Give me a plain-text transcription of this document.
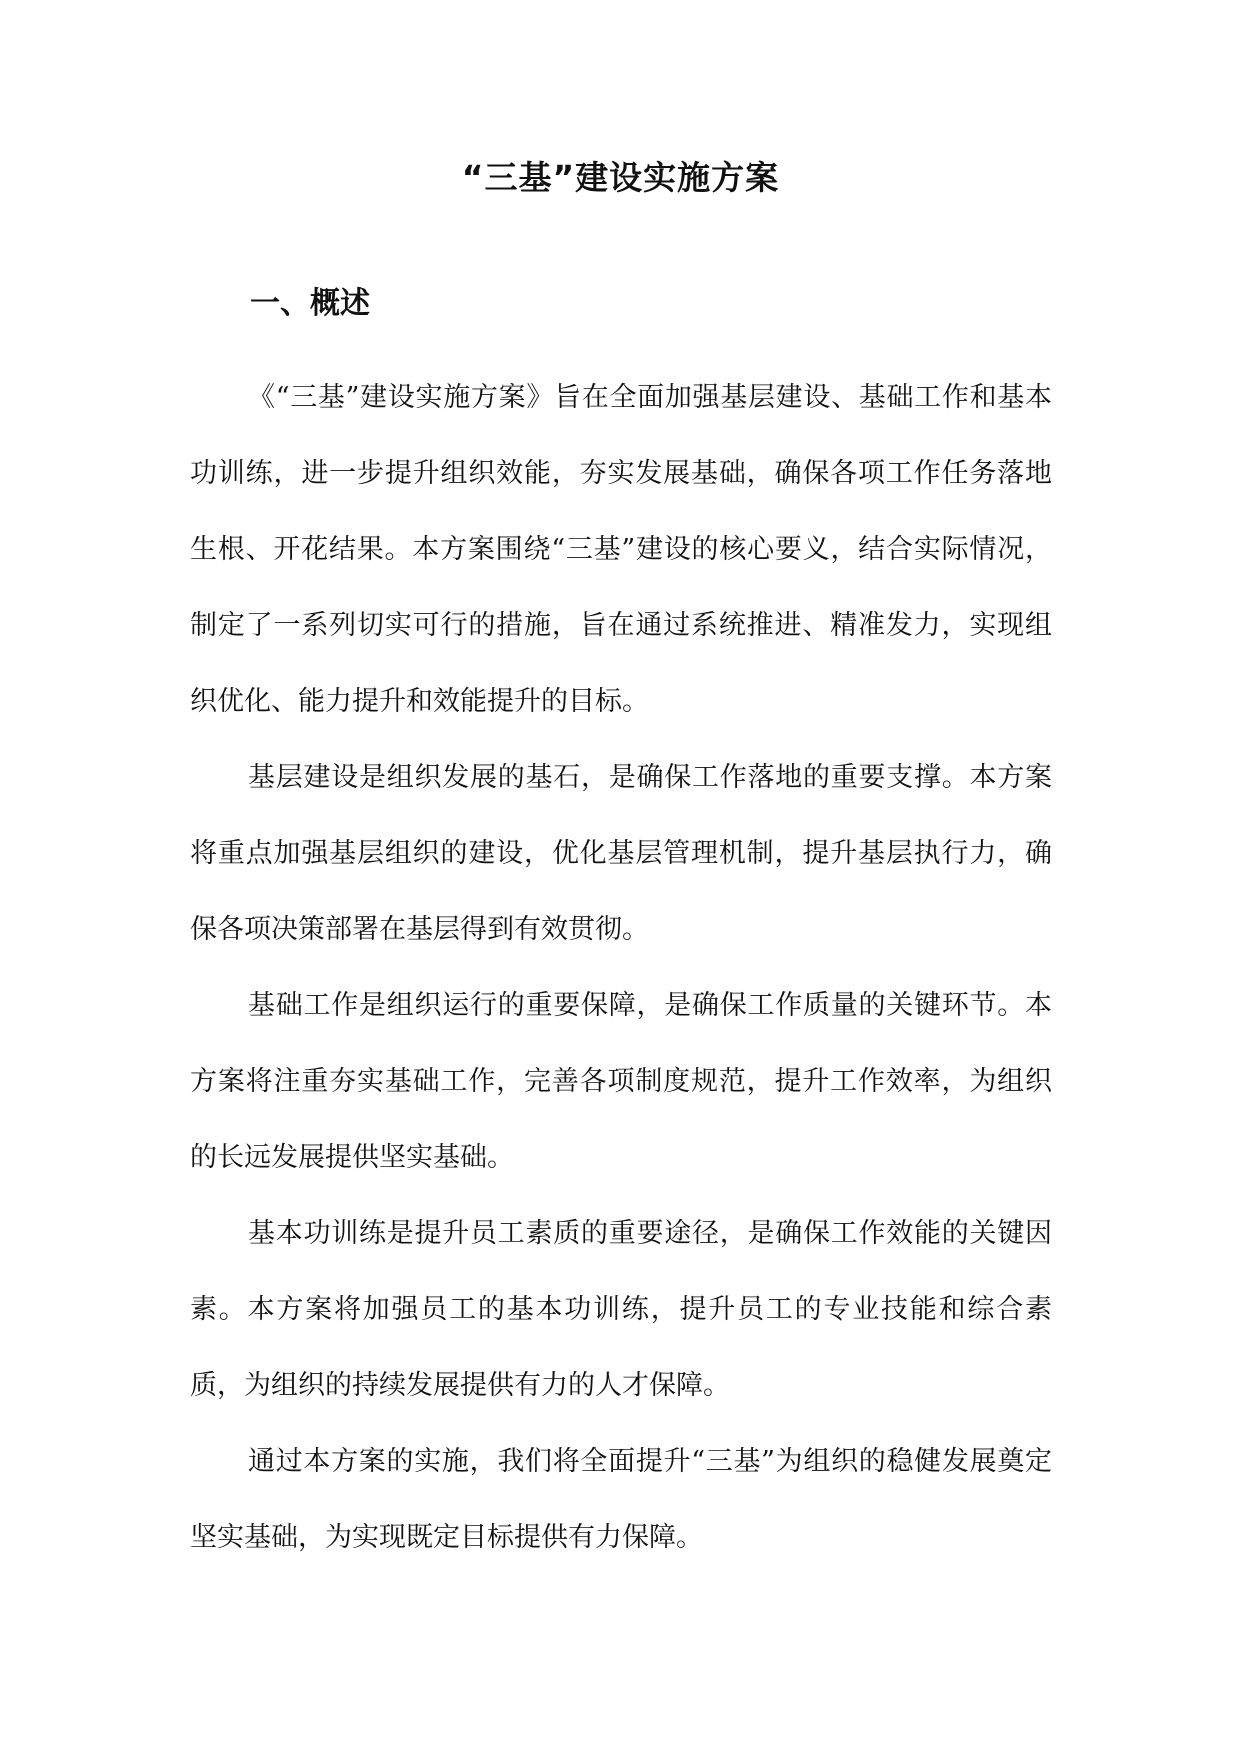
“三基”建设实施方案
一、概述

《“三基”建设实施方案》旨在全面加强基层建设、基础工作和基本功训练，进一步提升组织效能，夯实发展基础，确保各项工作任务落地生根、开花结果。本方案围绕“三基”建设的核心要义，结合实际情况，制定了一系列切实可行的措施，旨在通过系统推进、精准发力，实现组织优化、能力提升和效能提升的目标。

基层建设是组织发展的基石，是确保工作落地的重要支撑。本方案将重点加强基层组织的建设，优化基层管理机制，提升基层执行力，确保各项决策部署在基层得到有效贯彻。

基础工作是组织运行的重要保障，是确保工作质量的关键环节。本方案将注重夯实基础工作，完善各项制度规范，提升工作效率，为组织的长远发展提供坚实基础。

基本功训练是提升员工素质的重要途径，是确保工作效能的关键因素。本方案将加强员工的基本功训练，提升员工的专业技能和综合素质，为组织的持续发展提供有力的人才保障。

通过本方案的实施，我们将全面提升“三基”为组织的稳健发展奠定坚实基础，为实现既定目标提供有力保障。
